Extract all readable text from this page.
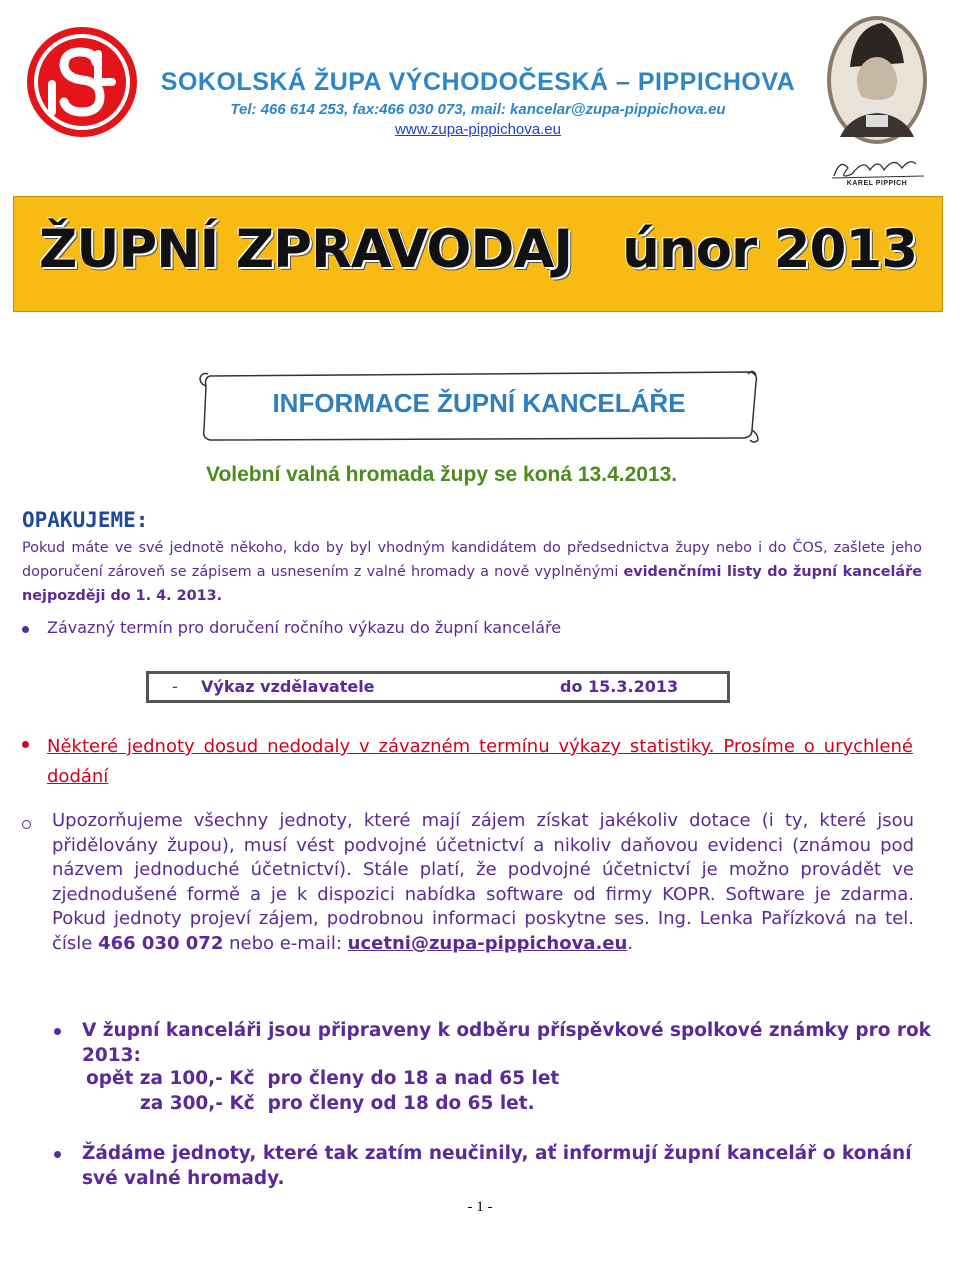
SOKOLSKÁ ŽUPA VÝCHODOČESKÁ – PIPPICHOVA
Tel: 466 614 253, fax:466 030 073, mail: kancelar@zupa-pippichova.eu
www.zupa-pippichova.eu
KAREL PIPPICH
ŽUPNÍ ZPRAVODAJ únor 2013
INFORMACE ŽUPNÍ KANCELÁŘE
Volební valná hromada župy se koná 13.4.2013.
OPAKUJEME:
Pokud máte ve své jednotě někoho, kdo by byl vhodným kandidátem do předsednictva župy nebo i do ČOS, zašlete jeho doporučení zároveň se zápisem a usnesením z valné hromady a nově vyplněnými evidenčními listy do župní kanceláře nejpozději do 1. 4. 2013.
Závazný termín pro doručení ročního výkazu do župní kanceláře
- Výkaz vzdělavatele	do 15.3.2013
Některé jednoty dosud nedodaly v závazném termínu výkazy statistiky. Prosíme o urychlené dodání
Upozorňujeme všechny jednoty, které mají zájem získat jakékoliv dotace (i ty, které jsou přidělovány župou), musí vést podvojné účetnictví a nikoliv daňovou evidenci (známou pod názvem jednoduché účetnictví). Stále platí, že podvojné účetnictví je možno provádět ve zjednodušené formě a je k dispozici nabídka software od firmy KOPR. Software je zdarma. Pokud jednoty projeví zájem, podrobnou informaci poskytne ses. Ing. Lenka Pařízková na tel. čísle 466 030 072 nebo e-mail: ucetni@zupa-pippichova.eu.
V župní kanceláři jsou připraveny k odběru příspěvkové spolkové známky pro rok 2013:
opět za 100,- Kč  pro členy do 18 a nad 65 let
za 300,- Kč  pro členy od 18 do 65 let.
Žádáme jednoty, které tak zatím neučinily, ať informují župní kancelář o konání své valné hromady.
- 1 -
